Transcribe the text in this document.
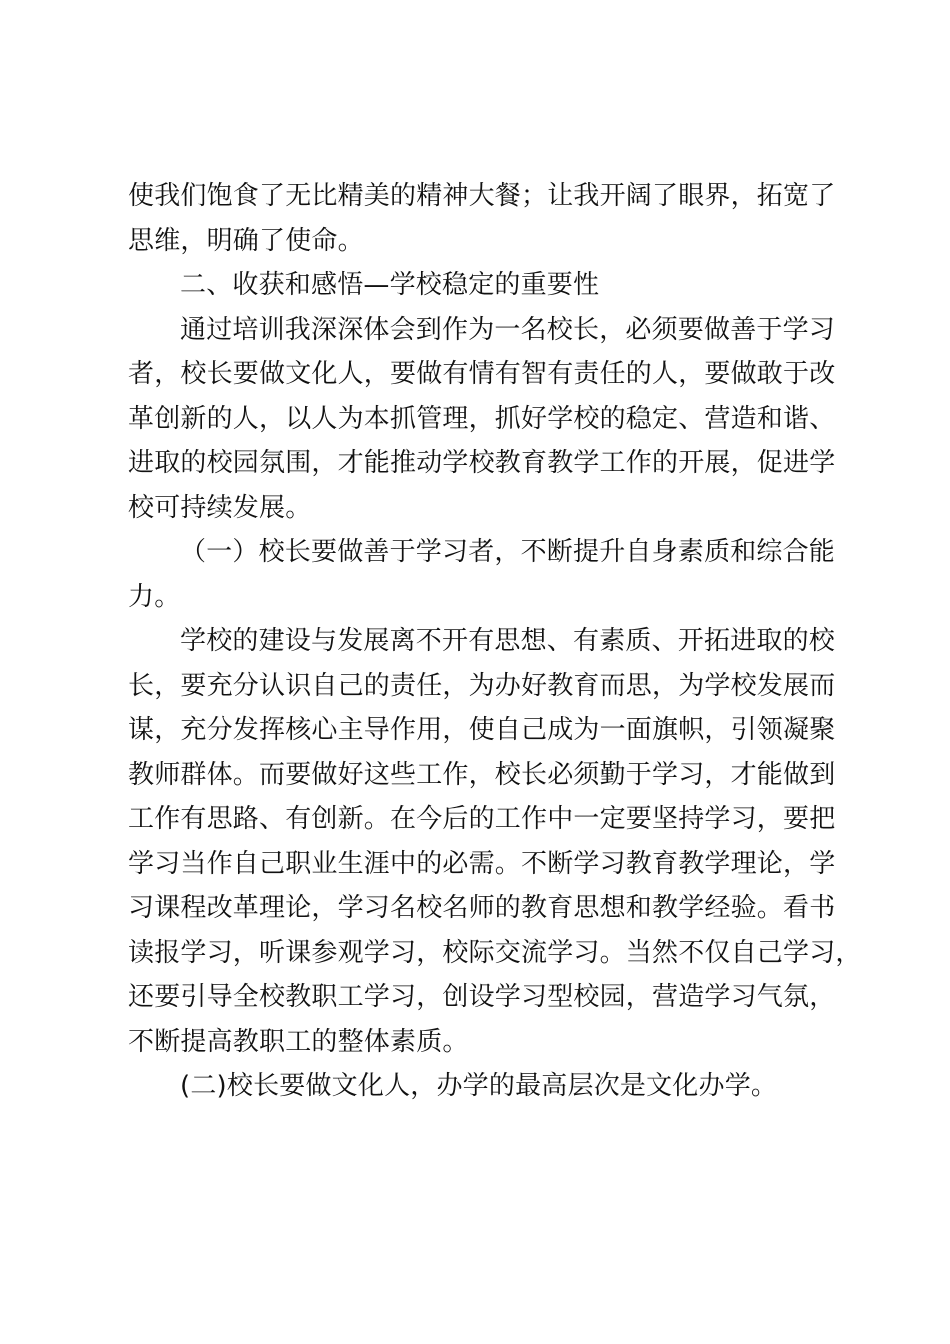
使我们饱食了无比精美的精神大餐；让我开阔了眼界，拓宽了
思维，明确了使命。
二、收获和感悟—学校稳定的重要性
通过培训我深深体会到作为一名校长，必须要做善于学习
者，校长要做文化人，要做有情有智有责任的人，要做敢于改
革创新的人，以人为本抓管理，抓好学校的稳定、营造和谐、
进取的校园氛围，才能推动学校教育教学工作的开展，促进学
校可持续发展。
（一）校长要做善于学习者，不断提升自身素质和综合能
力。
学校的建设与发展离不开有思想、有素质、开拓进取的校
长，要充分认识自己的责任，为办好教育而思，为学校发展而
谋，充分发挥核心主导作用，使自己成为一面旗帜，引领凝聚
教师群体。而要做好这些工作，校长必须勤于学习，才能做到
工作有思路、有创新。在今后的工作中一定要坚持学习，要把
学习当作自己职业生涯中的必需。不断学习教育教学理论，学
习课程改革理论，学习名校名师的教育思想和教学经验。看书
读报学习，听课参观学习，校际交流学习。当然不仅自己学习，
还要引导全校教职工学习，创设学习型校园，营造学习气氛，
不断提高教职工的整体素质。
(二)校长要做文化人，办学的最高层次是文化办学。
